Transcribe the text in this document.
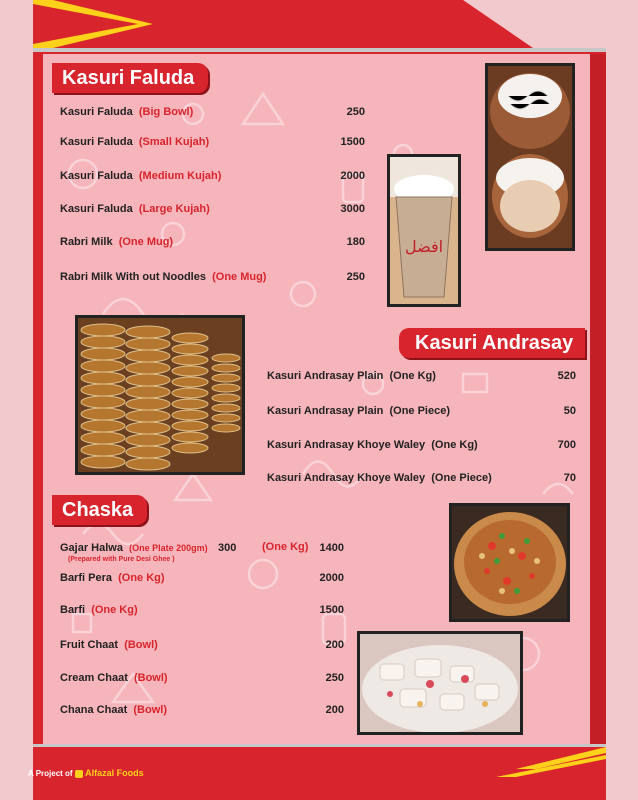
Kasuri Faluda
Kasuri Faluda (Big Bowl)	250
Kasuri Faluda (Small Kujah)	1500
Kasuri Faluda (Medium Kujah)	2000
Kasuri Faluda (Large Kujah)	3000
Rabri Milk (One Mug)	180
Rabri Milk With out Noodles (One Mug)	250
افضل
Kasuri Andrasay
Kasuri Andrasay Plain (One Kg)	520
Kasuri Andrasay Plain (One Piece)	50
Kasuri Andrasay Khoye Waley (One Kg)	700
Kasuri Andrasay Khoye Waley (One Piece)	70
Chaska
Gajar Halwa (One Plate 200gm) 300	(One Kg)	1400
(Prepared with Pure Desi Ghee )
Barfi Pera (One Kg)	2000
Barfi (One Kg)	1500
Fruit Chaat (Bowl)	200
Cream Chaat (Bowl)	250
Chana Chaat (Bowl)	200
A Project of Alfazal Foods
